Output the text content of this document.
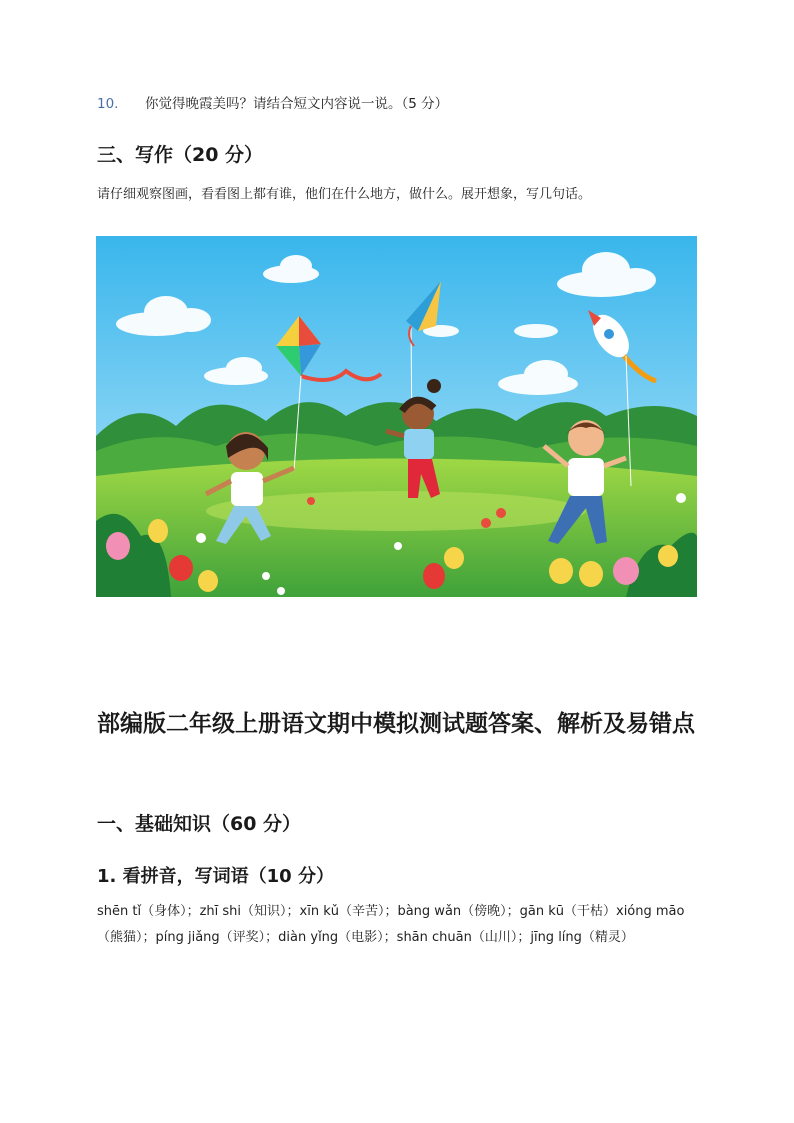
10. 你觉得晚霞美吗？请结合短文内容说一说。（5 分）
三、写作（20 分）
请仔细观察图画，看看图上都有谁，他们在什么地方，做什么。展开想象，写几句话。
部编版二年级上册语文期中模拟测试题答案、解析及易错点
一、基础知识（60 分）
1. 看拼音，写词语（10 分）
shēn tǐ（身体）；zhī shi（知识）；xīn kǔ（辛苦）；bàng wǎn（傍晚）；gān kū（干枯）xióng māo（熊猫）；píng jiǎng（评奖）；diàn yǐng（电影）；shān chuān（山川）；jīng líng（精灵）
